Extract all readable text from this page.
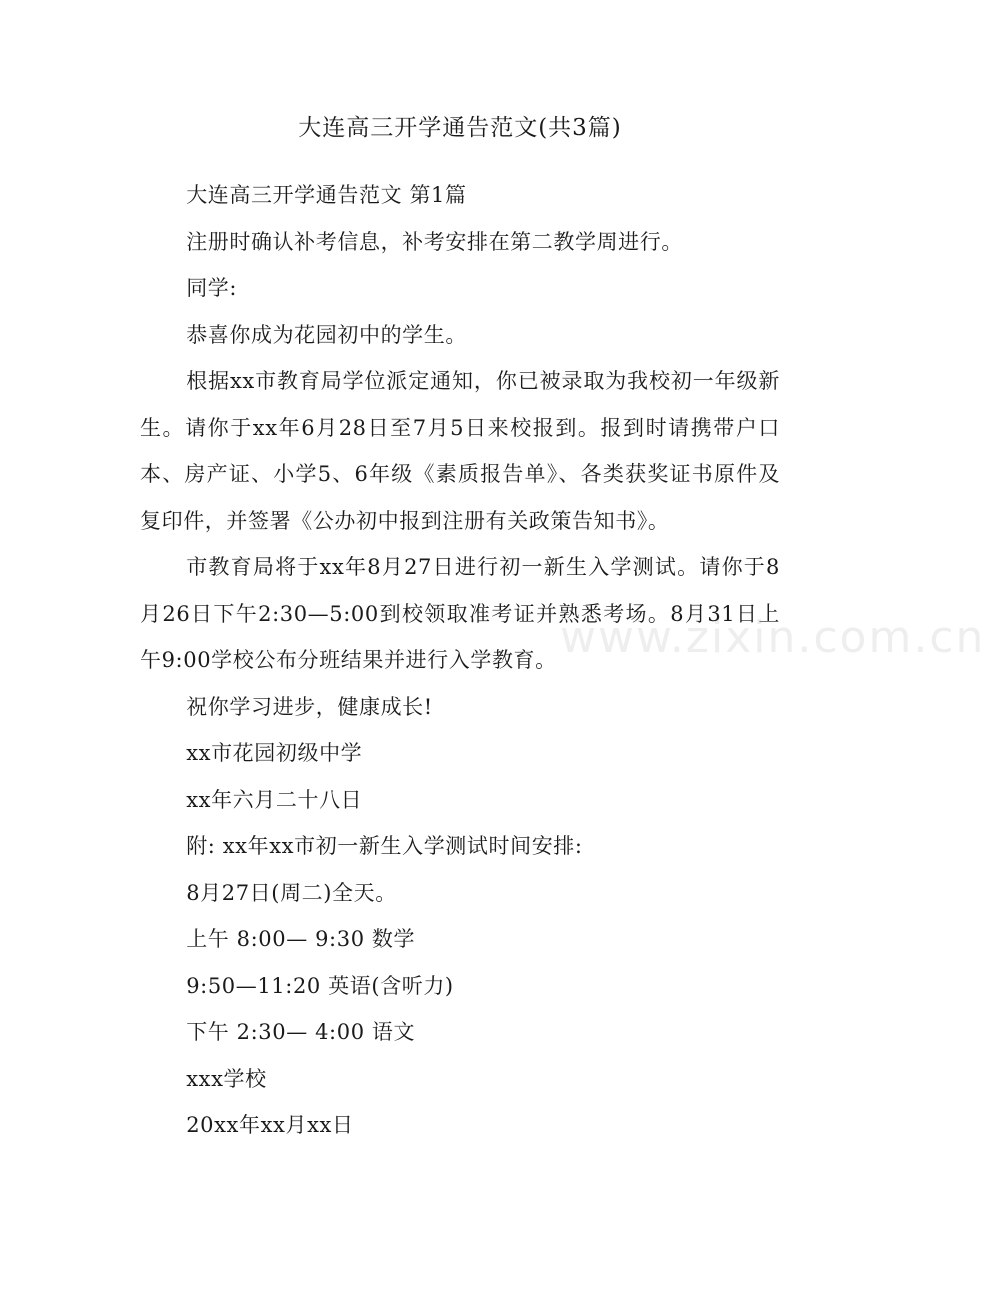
大连高三开学通告范文(共3篇)

大连高三开学通告范文 第1篇

注册时确认补考信息，补考安排在第二教学周进行。

同学:

恭喜你成为花园初中的学生。

根据xx市教育局学位派定通知，你已被录取为我校初一年级新生。请你于xx年6月28日至7月5日来校报到。报到时请携带户口本、房产证、小学5、6年级《素质报告单》、各类获奖证书原件及复印件，并签署《公办初中报到注册有关政策告知书》。

市教育局将于xx年8月27日进行初一新生入学测试。请你于8月26日下午2:30—5:00到校领取准考证并熟悉考场。8月31日上午9:00学校公布分班结果并进行入学教育。

祝你学习进步，健康成长!

xx市花园初级中学

xx年六月二十八日

附: xx年xx市初一新生入学测试时间安排:

8月27日(周二)全天。

上午 8:00— 9:30 数学

9:50—11:20 英语(含听力)

下午 2:30— 4:00 语文

xxx学校

20xx年xx月xx日

www.zixin.com.cn
